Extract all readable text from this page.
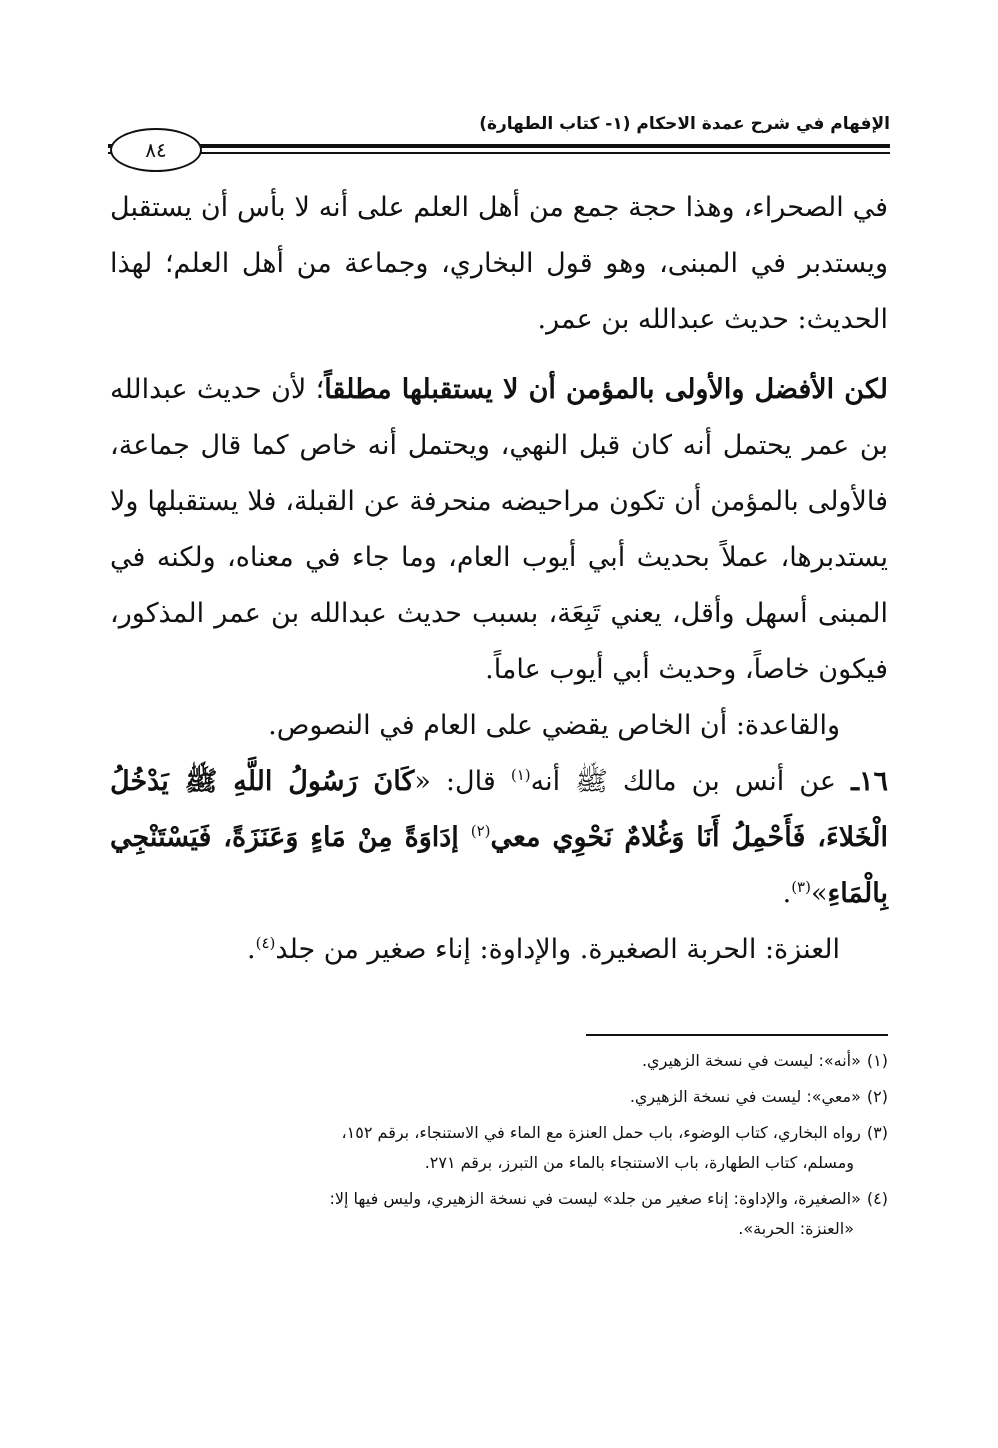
الإفهام في شرح عمدة الاحكام (١- كتاب الطهارة)
٨٤

في الصحراء، وهذا حجة جمع من أهل العلم على أنه لا بأس أن يستقبل ويستدبر في المبنى، وهو قول البخاري، وجماعة من أهل العلم؛ لهذا الحديث: حديث عبدالله بن عمر.

لكن الأفضل والأولى بالمؤمن أن لا يستقبلها مطلقاً؛ لأن حديث عبدالله بن عمر يحتمل أنه كان قبل النهي، ويحتمل أنه خاص كما قال جماعة، فالأولى بالمؤمن أن تكون مراحيضه منحرفة عن القبلة، فلا يستقبلها ولا يستدبرها، عملاً بحديث أبي أيوب العام، وما جاء في معناه، ولكنه في المبنى أسهل وأقل، يعني تَبِعَة، بسبب حديث عبدالله بن عمر المذكور، فيكون خاصاً، وحديث أبي أيوب عاماً.

والقاعدة: أن الخاص يقضي على العام في النصوص.

١٦ـ عن أنس بن مالك ﷺ أنه$^{(١)}$ قال: «كَانَ رَسُولُ اللَّهِ ﷺ يَدْخُلُ الْخَلاءَ، فَأَحْمِلُ أَنَا وَغُلامٌ نَحْوِي معي$^{(٢)}$ إدَاوَةً مِنْ مَاءٍ وَعَنَزَةً، فَيَسْتَنْجِي بِالْمَاءِ»$^{(٣)}$.

العنزة: الحربة الصغيرة. والإداوة: إناء صغير من جلد$^{(٤)}$.

(١)«أنه»: ليست في نسخة الزهيري.

(٢)«معي»: ليست في نسخة الزهيري.

(٣)رواه البخاري، كتاب الوضوء، باب حمل العنزة مع الماء في الاستنجاء، برقم ١٥٢،
ومسلم، كتاب الطهارة، باب الاستنجاء بالماء من التبرز، برقم ٢٧١.

(٤)«الصغيرة، والإداوة: إناء صغير من جلد» ليست في نسخة الزهيري، وليس فيها إلا:
«العنزة: الحربة».
